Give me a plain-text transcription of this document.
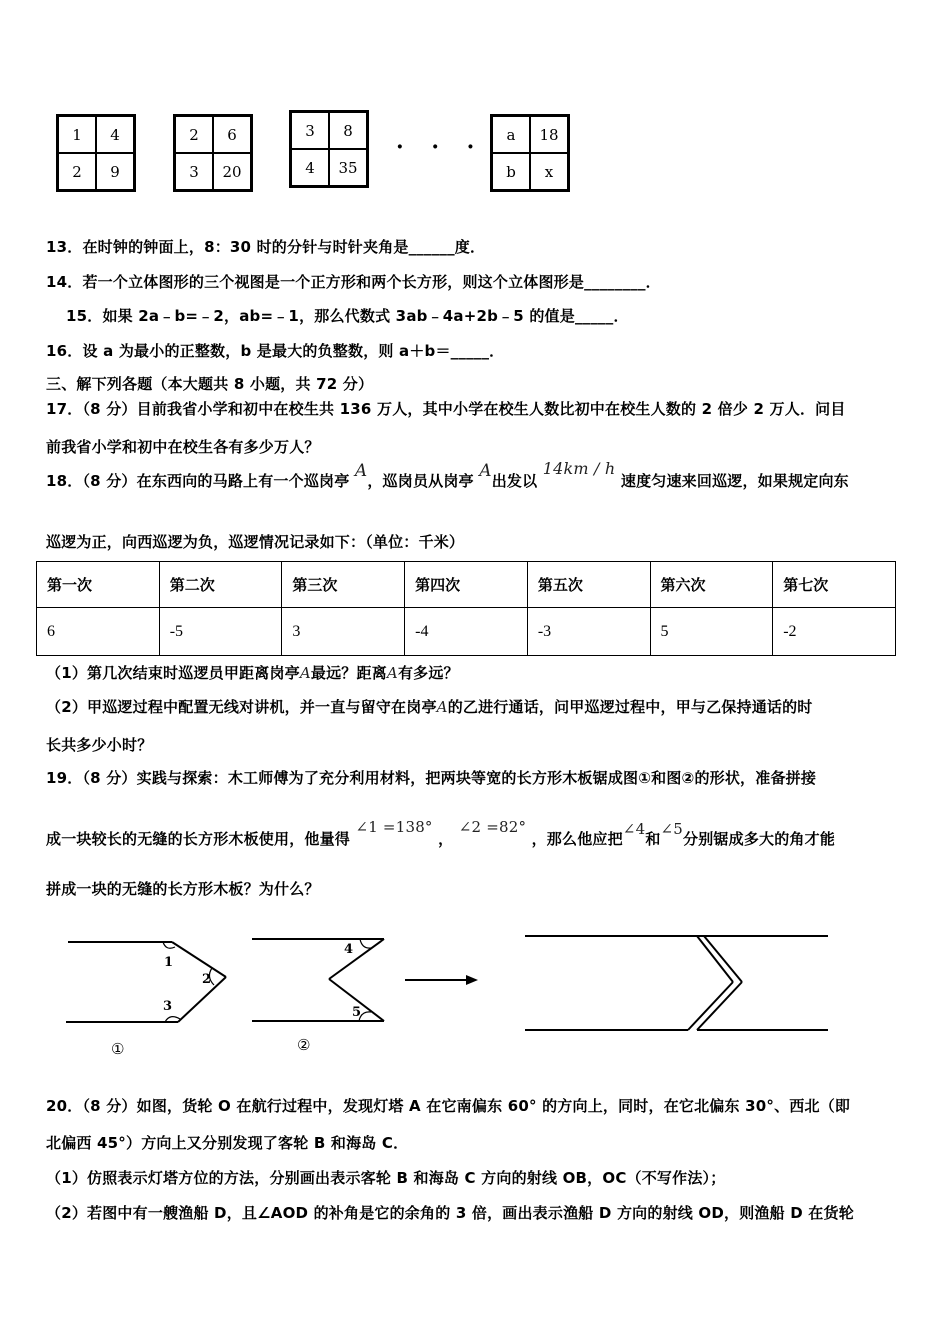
1	4
2	9
2	6
3	20
3	8
4	35
· · ·	a	18
b	x
13．在时钟的钟面上，8：30 时的分针与时针夹角是______度．
14．若一个立体图形的三个视图是一个正方形和两个长方形，则这个立体图形是________．
15．如果 2a﹣b=﹣2，ab=﹣1，那么代数式 3ab﹣4a+2b﹣5 的值是_____．
16．设 a 为最小的正整数，b 是最大的负整数，则 a＋b＝_____．
三、解下列各题（本大题共 8 小题，共 72 分）
17．（8 分）目前我省小学和初中在校生共 136 万人，其中小学在校生人数比初中在校生人数的 2 倍少 2 万人．问目
前我省小学和初中在校生各有多少万人？
18．（8 分）在东西向的马路上有一个巡岗亭 A，巡岗员从岗亭 A出发以 14km / h 速度匀速来回巡逻，如果规定向东
巡逻为正，向西巡逻为负，巡逻情况记录如下：（单位：千米）
第一次	第二次	第三次	第四次	第五次	第六次	第七次
6	-5	3	-4	-3	5	-2
（1）第几次结束时巡逻员甲距离岗亭A最远？距离A有多远？
（2）甲巡逻过程中配置无线对讲机，并一直与留守在岗亭A的乙进行通话，问甲巡逻过程中，甲与乙保持通话的时
长共多少小时？
19．（8 分）实践与探索：木工师傅为了充分利用材料，把两块等宽的长方形木板锯成图①和图②的形状，准备拼接
成一块较长的无缝的长方形木板使用，他量得 ∠1 =138° ， ∠2 =82° ，那么他应把∠4和∠5分别锯成多大的角才能
拼成一块的无缝的长方形木板？为什么？
1
2
3
①
4
5
②
20．（8 分）如图，货轮 O 在航行过程中，发现灯塔 A 在它南偏东 60° 的方向上，同时，在它北偏东 30°、西北（即
北偏西 45°）方向上又分别发现了客轮 B 和海岛 C．
（1）仿照表示灯塔方位的方法，分别画出表示客轮 B 和海岛 C 方向的射线 OB，OC（不写作法）；
（2）若图中有一艘渔船 D，且∠AOD 的补角是它的余角的 3 倍，画出表示渔船 D 方向的射线 OD，则渔船 D 在货轮
